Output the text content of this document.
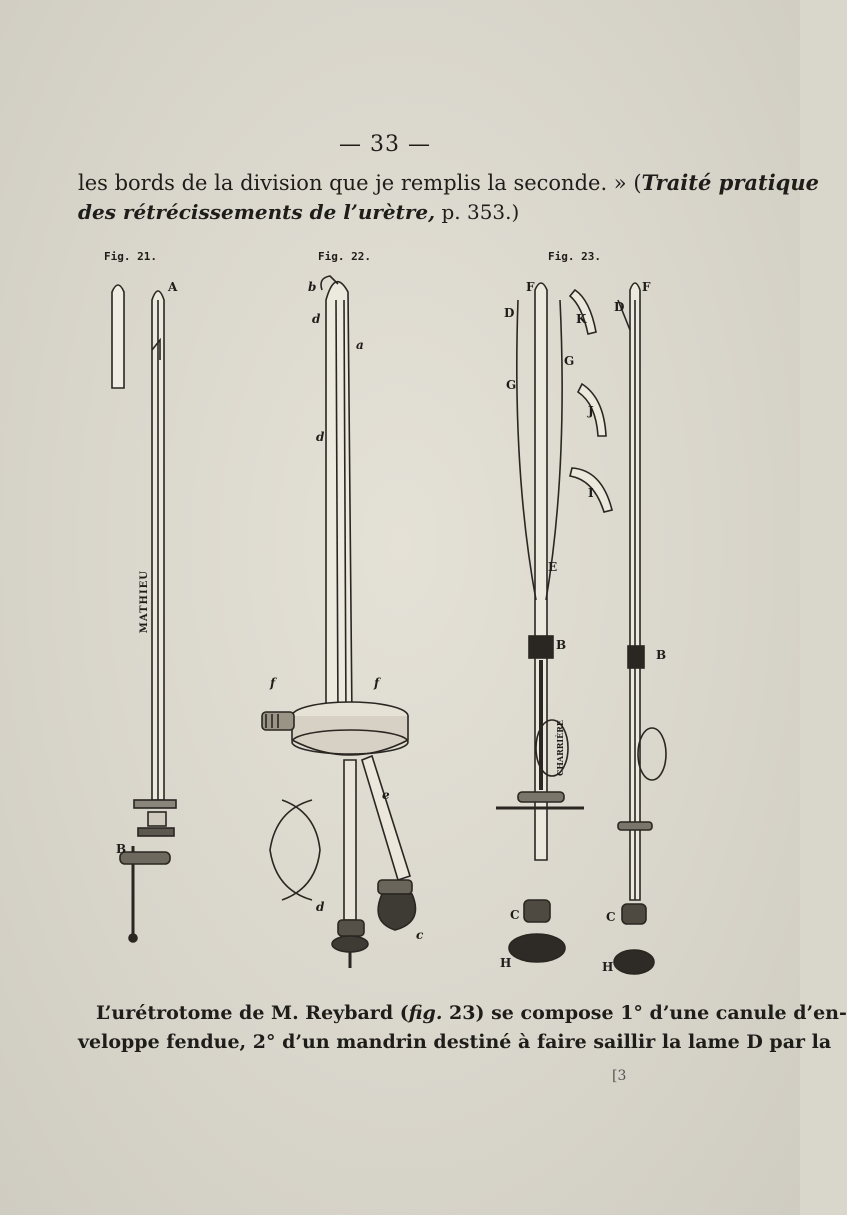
— 33 —
les bords de la division que je remplis la seconde. » (Traité pratique
des rétrécissements de l’urètre, p. 353.)
Fig. 21.	Fig. 22.	Fig. 23.
A
B
MATHIEU
b
a
d
d
f	f
e
c
d
F
D
G
G
K
J
I
E
B
C
H
CHARRIÈRE
F
D
B
C
H
L’urétrotome de M. Reybard (fig. 23) se compose 1° d’une canule d’en-
veloppe fendue, 2° d’un mandrin destiné à faire saillir la lame D par la
[3
